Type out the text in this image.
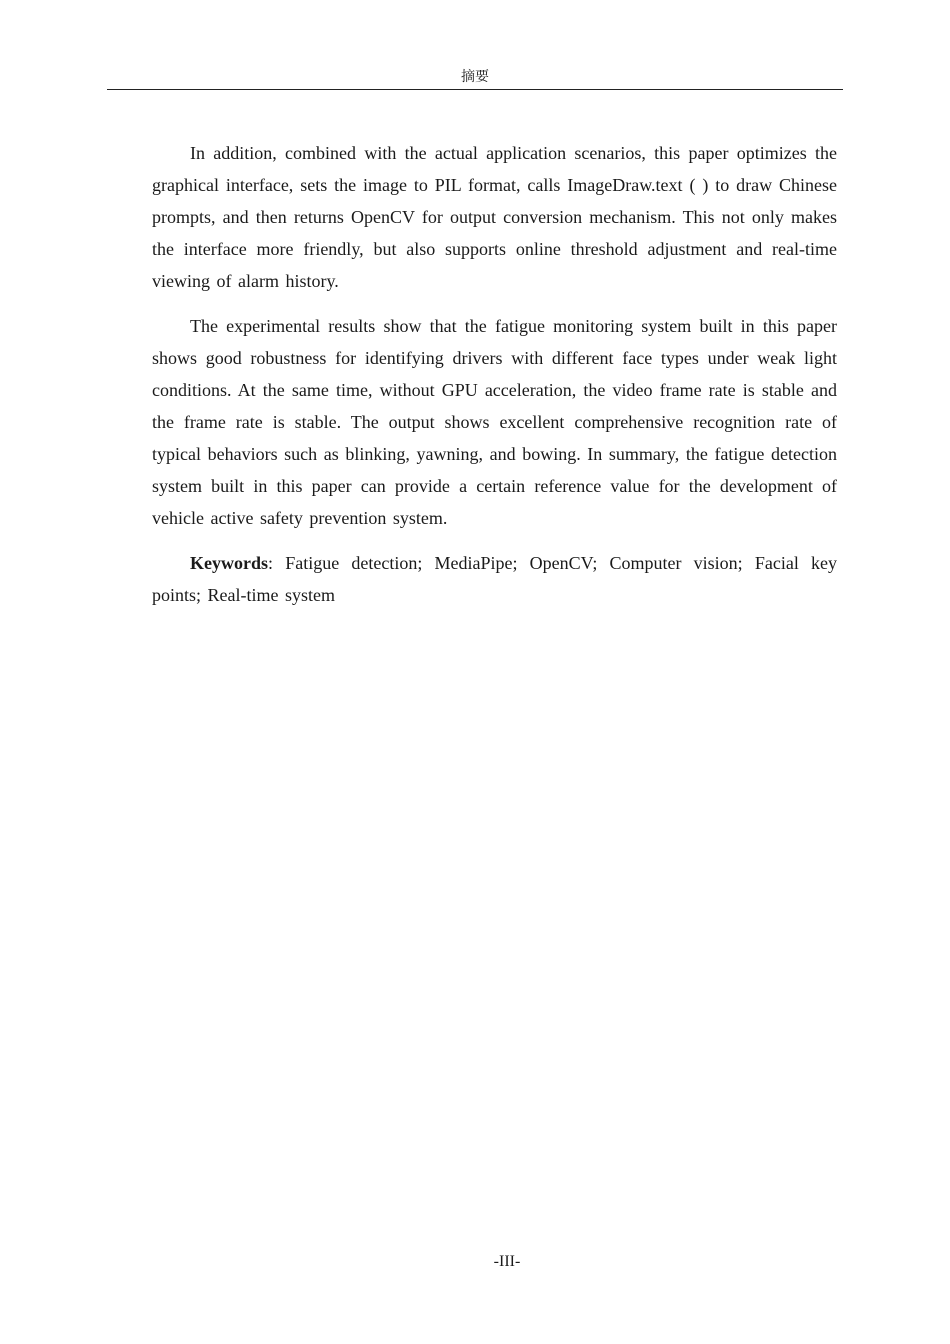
摘要

In addition, combined with the actual application scenarios, this paper optimizes the graphical interface, sets the image to PIL format, calls ImageDraw.text ( ) to draw Chinese prompts, and then returns OpenCV for output conversion mechanism. This not only makes the interface more friendly, but also supports online threshold adjustment and real-time viewing of alarm history.

The experimental results show that the fatigue monitoring system built in this paper shows good robustness for identifying drivers with different face types under weak light conditions. At the same time, without GPU acceleration, the video frame rate is stable and the frame rate is stable. The output shows excellent comprehensive recognition rate of typical behaviors such as blinking, yawning, and bowing. In summary, the fatigue detection system built in this paper can provide a certain reference value for the development of vehicle active safety prevention system.

Keywords: Fatigue detection; MediaPipe; OpenCV; Computer vision; Facial key points; Real-time system

-III-
